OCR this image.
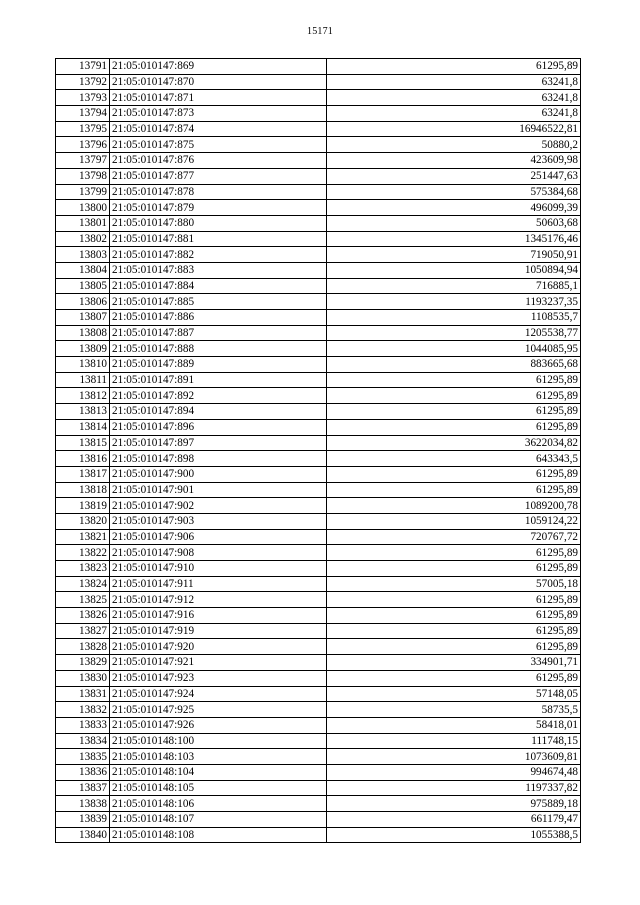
15171
13791	21:05:010147:869	61295,89
13792	21:05:010147:870	63241,8
13793	21:05:010147:871	63241,8
13794	21:05:010147:873	63241,8
13795	21:05:010147:874	16946522,81
13796	21:05:010147:875	50880,2
13797	21:05:010147:876	423609,98
13798	21:05:010147:877	251447,63
13799	21:05:010147:878	575384,68
13800	21:05:010147:879	496099,39
13801	21:05:010147:880	50603,68
13802	21:05:010147:881	1345176,46
13803	21:05:010147:882	719050,91
13804	21:05:010147:883	1050894,94
13805	21:05:010147:884	716885,1
13806	21:05:010147:885	1193237,35
13807	21:05:010147:886	1108535,7
13808	21:05:010147:887	1205538,77
13809	21:05:010147:888	1044085,95
13810	21:05:010147:889	883665,68
13811	21:05:010147:891	61295,89
13812	21:05:010147:892	61295,89
13813	21:05:010147:894	61295,89
13814	21:05:010147:896	61295,89
13815	21:05:010147:897	3622034,82
13816	21:05:010147:898	643343,5
13817	21:05:010147:900	61295,89
13818	21:05:010147:901	61295,89
13819	21:05:010147:902	1089200,78
13820	21:05:010147:903	1059124,22
13821	21:05:010147:906	720767,72
13822	21:05:010147:908	61295,89
13823	21:05:010147:910	61295,89
13824	21:05:010147:911	57005,18
13825	21:05:010147:912	61295,89
13826	21:05:010147:916	61295,89
13827	21:05:010147:919	61295,89
13828	21:05:010147:920	61295,89
13829	21:05:010147:921	334901,71
13830	21:05:010147:923	61295,89
13831	21:05:010147:924	57148,05
13832	21:05:010147:925	58735,5
13833	21:05:010147:926	58418,01
13834	21:05:010148:100	111748,15
13835	21:05:010148:103	1073609,81
13836	21:05:010148:104	994674,48
13837	21:05:010148:105	1197337,82
13838	21:05:010148:106	975889,18
13839	21:05:010148:107	661179,47
13840	21:05:010148:108	1055388,5
